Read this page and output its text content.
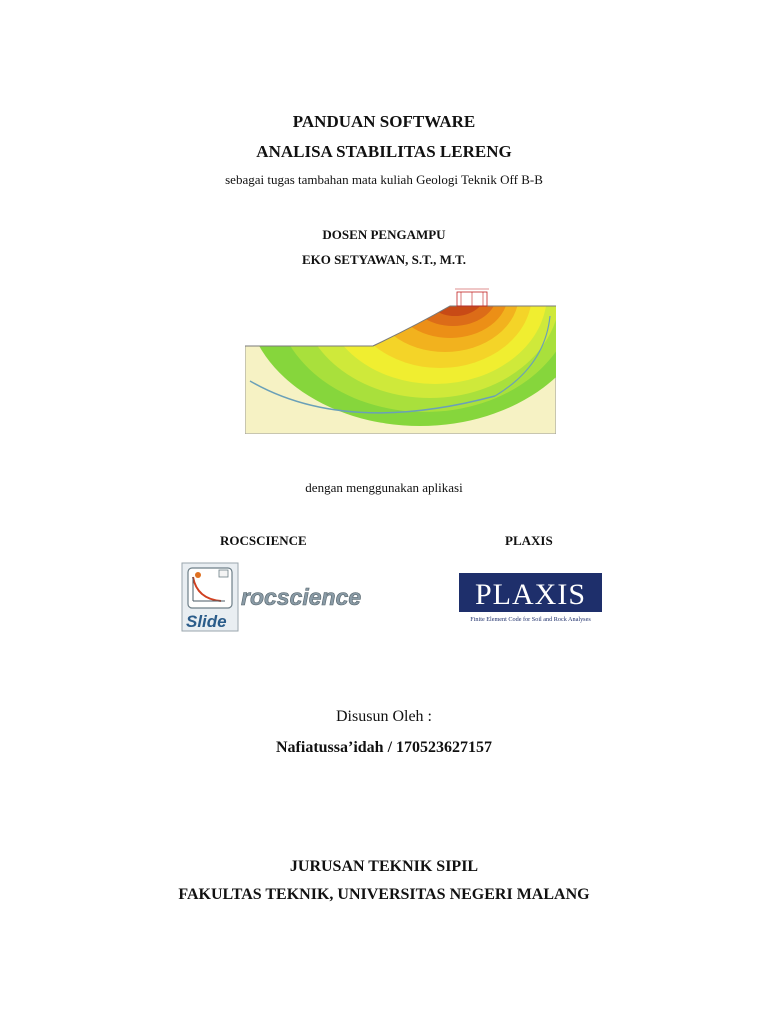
PANDUAN SOFTWARE
ANALISA STABILITAS LERENG
sebagai tugas tambahan mata kuliah Geologi Teknik Off B-B
DOSEN PENGAMPU
EKO SETYAWAN, S.T., M.T.
dengan menggunakan aplikasi
ROCSCIENCE	PLAXIS
Slide
rocscience	PLAXIS
Finite Element Code for Soil and Rock Analyses
Disusun Oleh :
Nafiatussa’idah / 170523627157
JURUSAN TEKNIK SIPIL
FAKULTAS TEKNIK, UNIVERSITAS NEGERI MALANG
